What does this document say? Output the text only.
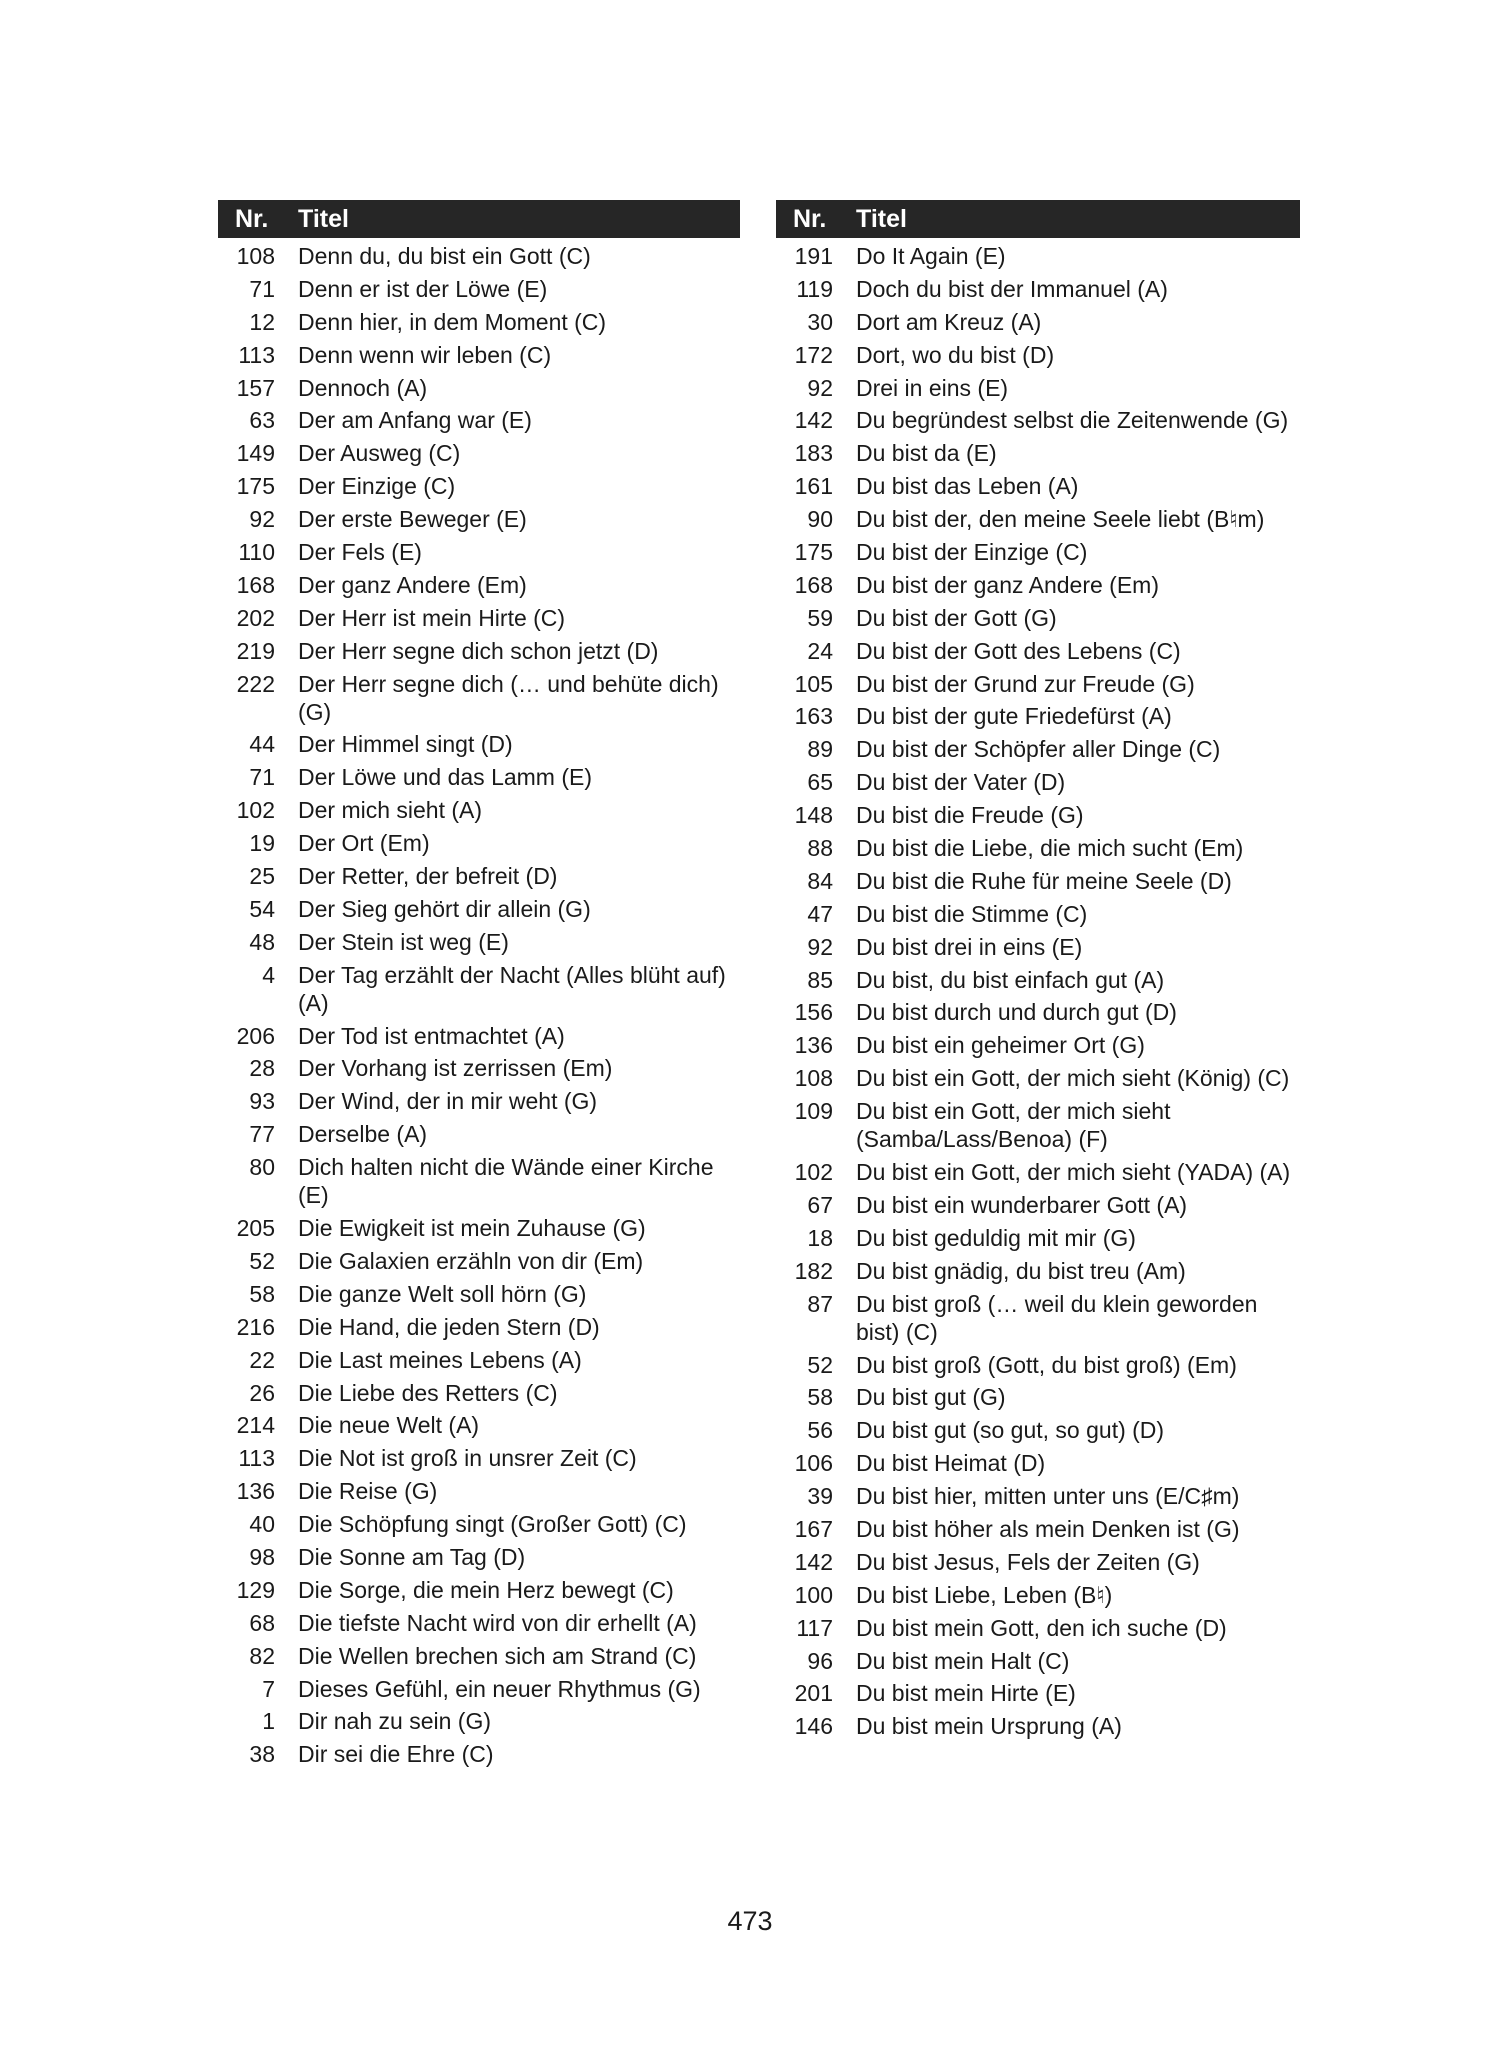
Nr.	Titel
108 Denn du, du bist ein Gott (C)
71 Denn er ist der Löwe (E)
12 Denn hier, in dem Moment (C)
113 Denn wenn wir leben (C)
157 Dennoch (A)
63 Der am Anfang war (E)
149 Der Ausweg (C)
175 Der Einzige (C)
92 Der erste Beweger (E)
110 Der Fels (E)
168 Der ganz Andere (Em)
202 Der Herr ist mein Hirte (C)
219 Der Herr segne dich schon jetzt (D)
222 Der Herr segne dich (… und behüte dich) (G)
44 Der Himmel singt (D)
71 Der Löwe und das Lamm (E)
102 Der mich sieht (A)
19 Der Ort (Em)
25 Der Retter, der befreit (D)
54 Der Sieg gehört dir allein (G)
48 Der Stein ist weg (E)
4 Der Tag erzählt der Nacht (Alles blüht auf) (A)
206 Der Tod ist entmachtet (A)
28 Der Vorhang ist zerrissen (Em)
93 Der Wind, der in mir weht (G)
77 Derselbe (A)
80 Dich halten nicht die Wände einer Kirche (E)
205 Die Ewigkeit ist mein Zuhause (G)
52 Die Galaxien erzähln von dir (Em)
58 Die ganze Welt soll hörn (G)
216 Die Hand, die jeden Stern (D)
22 Die Last meines Lebens (A)
26 Die Liebe des Retters (C)
214 Die neue Welt (A)
113 Die Not ist groß in unsrer Zeit (C)
136 Die Reise (G)
40 Die Schöpfung singt (Großer Gott) (C)
98 Die Sonne am Tag (D)
129 Die Sorge, die mein Herz bewegt (C)
68 Die tiefste Nacht wird von dir erhellt (A)
82 Die Wellen brechen sich am Strand (C)
7 Dieses Gefühl, ein neuer Rhythmus (G)
1 Dir nah zu sein (G)
38 Dir sei die Ehre (C)
Nr.	Titel
191 Do It Again (E)
119 Doch du bist der Immanuel (A)
30 Dort am Kreuz (A)
172 Dort, wo du bist (D)
92 Drei in eins (E)
142 Du begründest selbst die Zeitenwende (G)
183 Du bist da (E)
161 Du bist das Leben (A)
90 Du bist der, den meine Seele liebt (B♮m)
175 Du bist der Einzige (C)
168 Du bist der ganz Andere (Em)
59 Du bist der Gott (G)
24 Du bist der Gott des Lebens (C)
105 Du bist der Grund zur Freude (G)
163 Du bist der gute Friedefürst (A)
89 Du bist der Schöpfer aller Dinge (C)
65 Du bist der Vater (D)
148 Du bist die Freude (G)
88 Du bist die Liebe, die mich sucht (Em)
84 Du bist die Ruhe für meine Seele (D)
47 Du bist die Stimme (C)
92 Du bist drei in eins (E)
85 Du bist, du bist einfach gut (A)
156 Du bist durch und durch gut (D)
136 Du bist ein geheimer Ort (G)
108 Du bist ein Gott, der mich sieht (König) (C)
109 Du bist ein Gott, der mich sieht (Samba/Lass/Benoa) (F)
102 Du bist ein Gott, der mich sieht (YADA) (A)
67 Du bist ein wunderbarer Gott (A)
18 Du bist geduldig mit mir (G)
182 Du bist gnädig, du bist treu (Am)
87 Du bist groß (… weil du klein geworden bist) (C)
52 Du bist groß (Gott, du bist groß) (Em)
58 Du bist gut (G)
56 Du bist gut (so gut, so gut) (D)
106 Du bist Heimat (D)
39 Du bist hier, mitten unter uns (E/C♯m)
167 Du bist höher als mein Denken ist (G)
142 Du bist Jesus, Fels der Zeiten (G)
100 Du bist Liebe, Leben (B♮)
117 Du bist mein Gott, den ich suche (D)
96 Du bist mein Halt (C)
201 Du bist mein Hirte (E)
146 Du bist mein Ursprung (A)
473
